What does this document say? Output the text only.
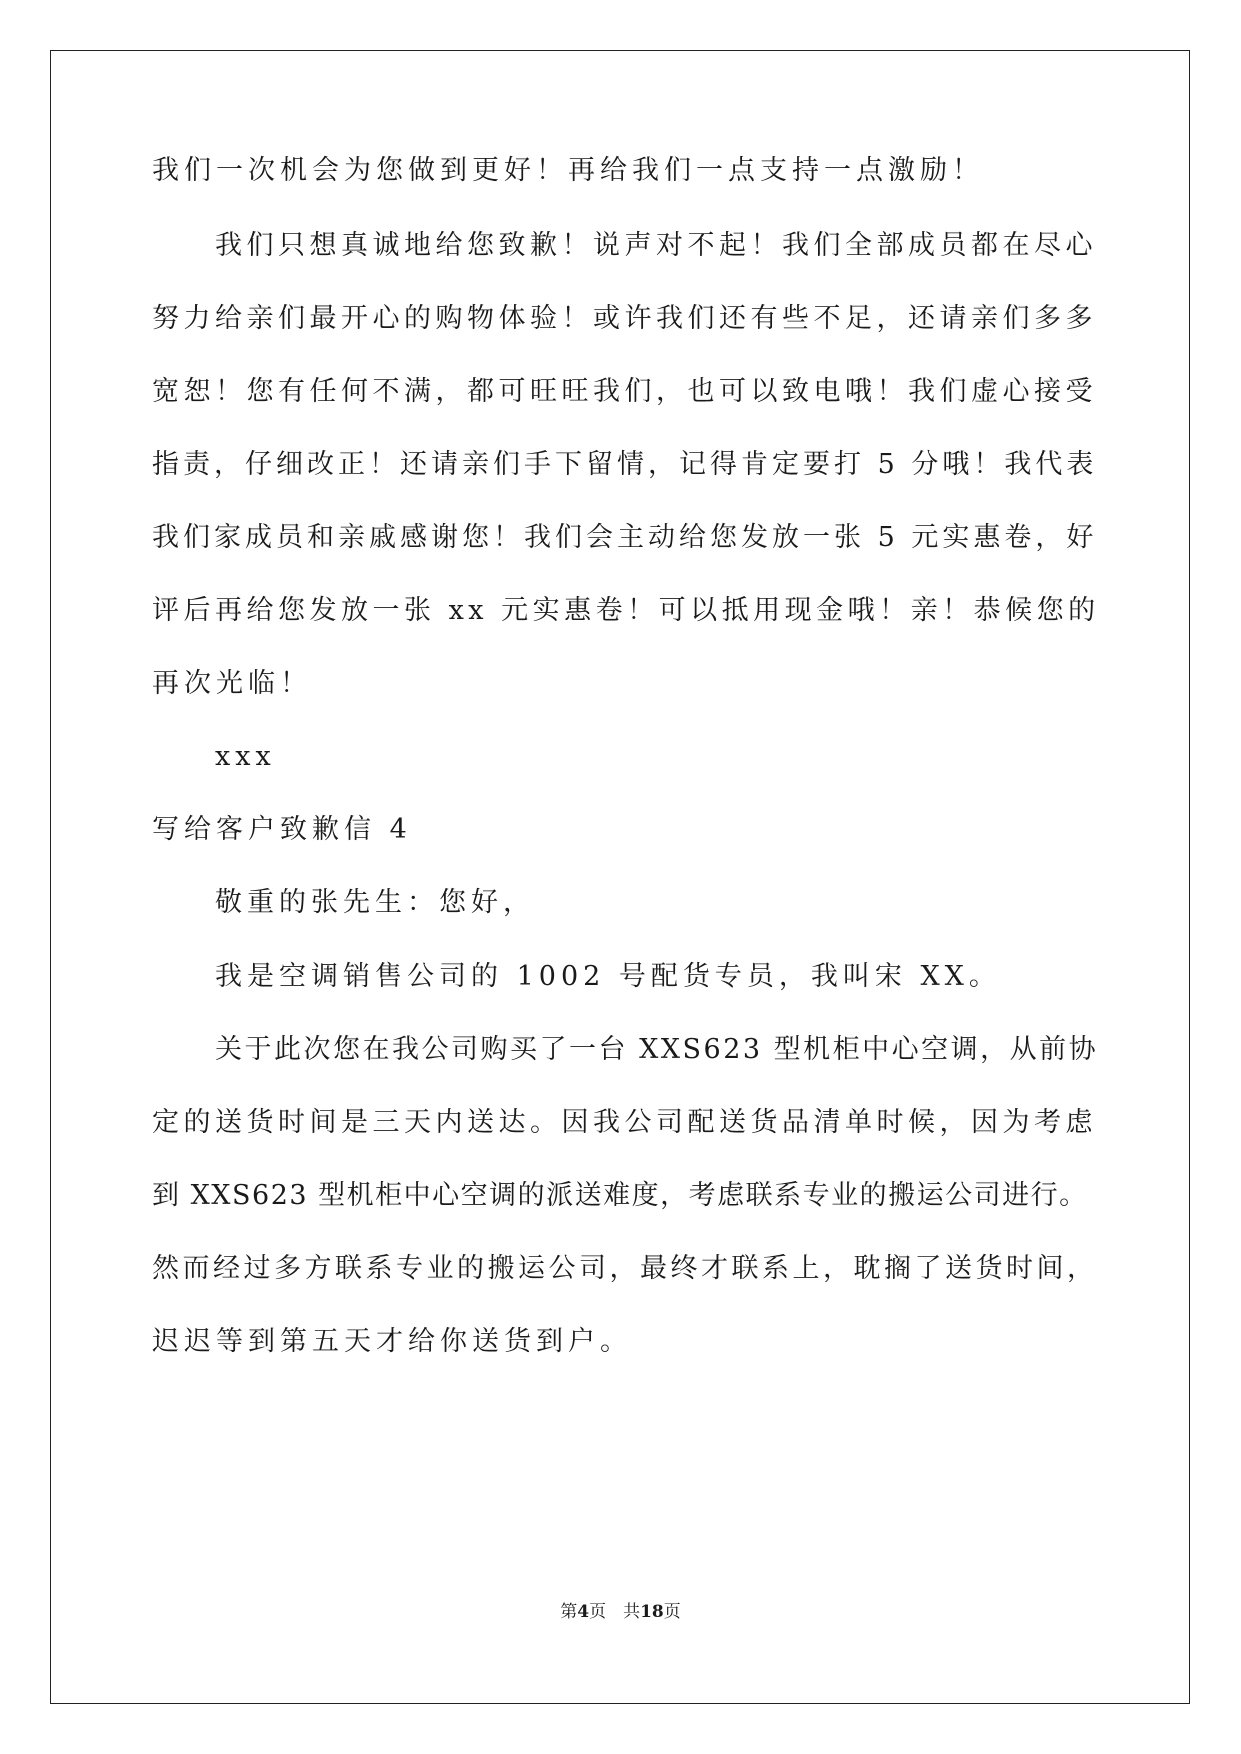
我们一次机会为您做到更好！再给我们一点支持一点激励！
我们只想真诚地给您致歉！说声对不起！我们全部成员都在尽心
努力给亲们最开心的购物体验！或许我们还有些不足，还请亲们多多
宽恕！您有任何不满，都可旺旺我们，也可以致电哦！我们虚心接受
指责，仔细改正！还请亲们手下留情，记得肯定要打 5 分哦！我代表
我们家成员和亲戚感谢您！我们会主动给您发放一张 5 元实惠卷，好
评后再给您发放一张 xx 元实惠卷！可以抵用现金哦！亲！恭候您的
再次光临！
xxx
写给客户致歉信 4
敬重的张先生：您好，
我是空调销售公司的 1002 号配货专员，我叫宋 XX。
关于此次您在我公司购买了一台 XXS623 型机柜中心空调，从前协
定的送货时间是三天内送达。因我公司配送货品清单时候，因为考虑
到 XXS623 型机柜中心空调的派送难度，考虑联系专业的搬运公司进行。
然而经过多方联系专业的搬运公司，最终才联系上，耽搁了送货时间，
迟迟等到第五天才给你送货到户。
第4页　共18页
